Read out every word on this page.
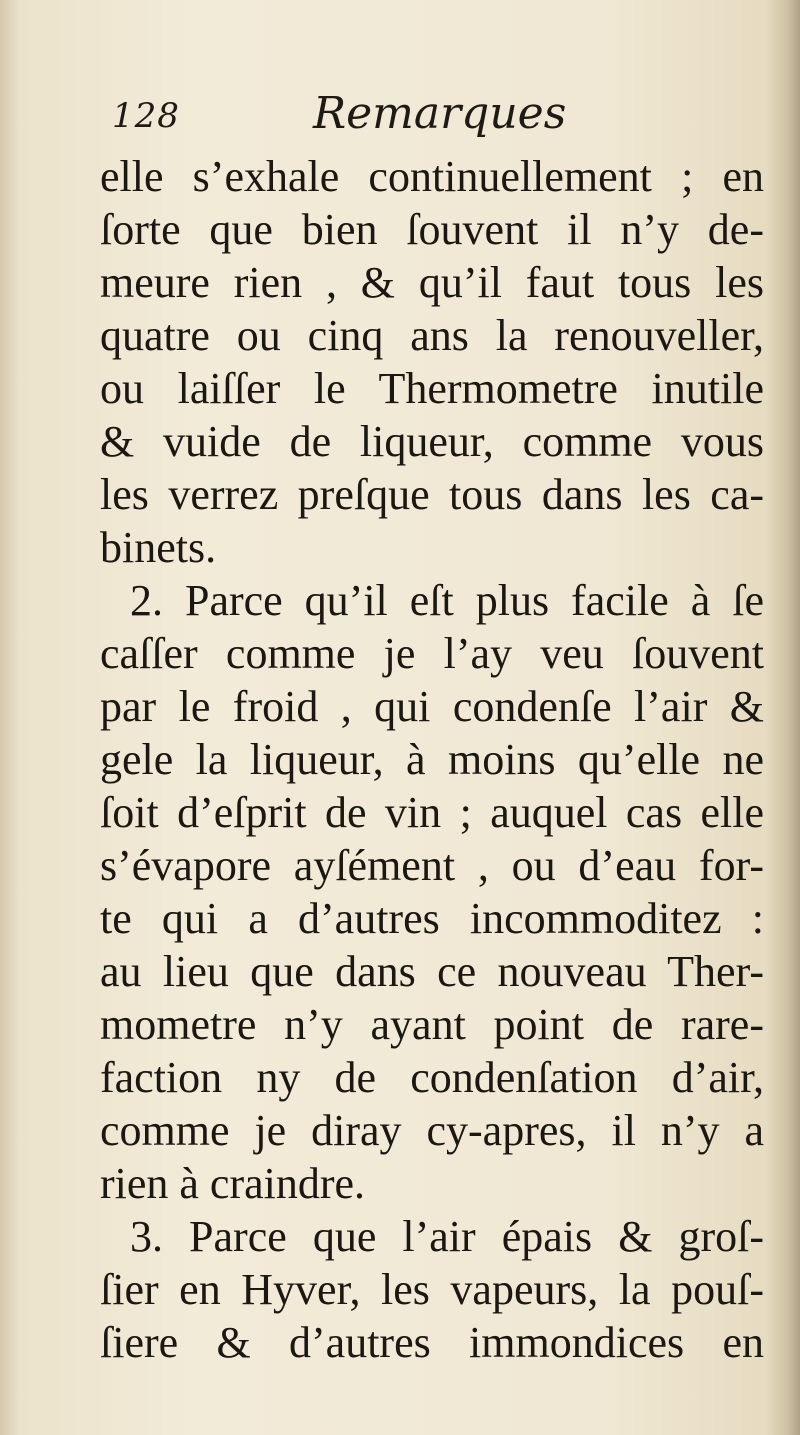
128	Remarques
elle s’exhale continuellement ; en
ſorte que bien ſouvent il n’y de-
meure rien , & qu’il faut tous les
quatre ou cinq ans la renouveller,
ou laiſſer le Thermometre inutile
& vuide de liqueur, comme vous
les verrez preſque tous dans les ca-
binets.
2. Parce qu’il eſt plus facile à ſe
caſſer comme je l’ay veu ſouvent
par le froid , qui condenſe l’air &
gele la liqueur, à moins qu’elle ne
ſoit d’eſprit de vin ; auquel cas elle
s’évapore ayſément , ou d’eau for-
te qui a d’autres incommoditez :
au lieu que dans ce nouveau Ther-
mometre n’y ayant point de rare-
faction ny de condenſation d’air,
comme je diray cy-apres, il n’y a
rien à craindre.
3. Parce que l’air épais & groſ-
ſier en Hyver, les vapeurs, la pouſ-
ſiere & d’autres immondices en
